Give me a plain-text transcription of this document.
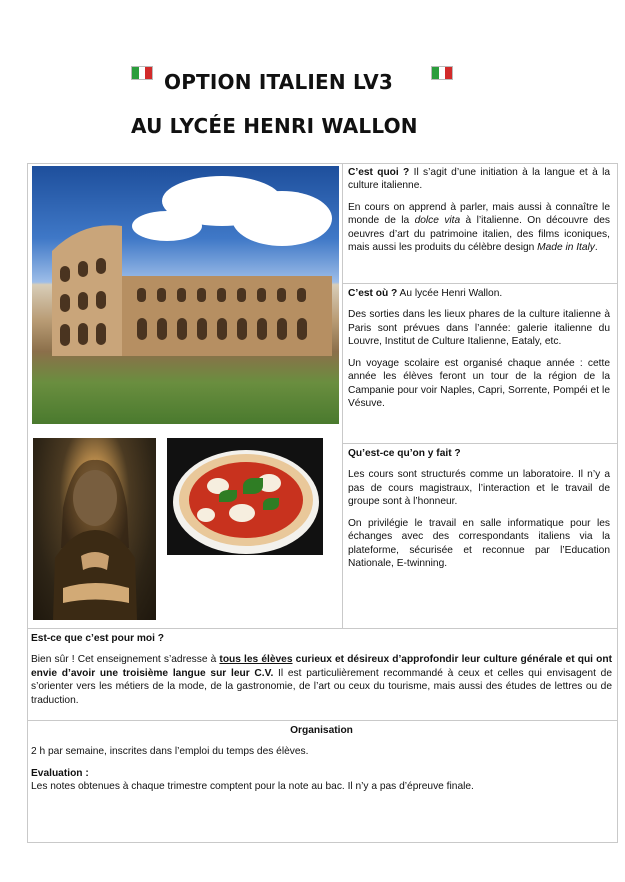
OPTION ITALIEN LV3
AU LYCÉE HENRI WALLON

C’est quoi ? Il s’agit d’une initiation à la langue et à la culture italienne.

En cours on apprend à parler, mais aussi à connaître le monde de la dolce vita à l’italienne. On découvre des oeuvres d’art du patrimoine italien, des films iconiques, mais aussi les produits du célèbre design Made in Italy.

C’est où ? Au lycée Henri Wallon.

Des sorties dans les lieux phares de la culture italienne à Paris sont prévues dans l’année: galerie italienne du Louvre, Institut de Culture Italienne, Eataly, etc.

Un voyage scolaire est organisé chaque année : cette année les élèves feront un tour de la région de la Campanie pour voir Naples, Capri, Sorrente, Pompéi et le Vésuve.

Qu’est-ce qu’on y fait ?

Les cours sont structurés comme un laboratoire. Il n’y a pas de cours magistraux, l’interaction et le travail de groupe sont à l’honneur.

On privilégie le travail en salle informatique pour les échanges avec des correspondants italiens via la plateforme, sécurisée et reconnue par l’Education Nationale, E-twinning.

Est-ce que c’est pour moi ?

Bien sûr ! Cet enseignement s’adresse à tous les élèves curieux et désireux d’approfondir leur culture générale et qui ont envie d’avoir une troisième langue sur leur C.V. Il est particulièrement recommandé à ceux et celles qui envisagent de s’orienter vers les métiers de la mode, de la gastronomie, de l’art ou ceux du tourisme, mais aussi des études de lettres ou de traduction.

Organisation

2 h par semaine, inscrites dans l’emploi du temps des élèves.

Evaluation :

Les notes obtenues à chaque trimestre comptent pour la note au bac. Il n’y a pas d’épreuve finale.
